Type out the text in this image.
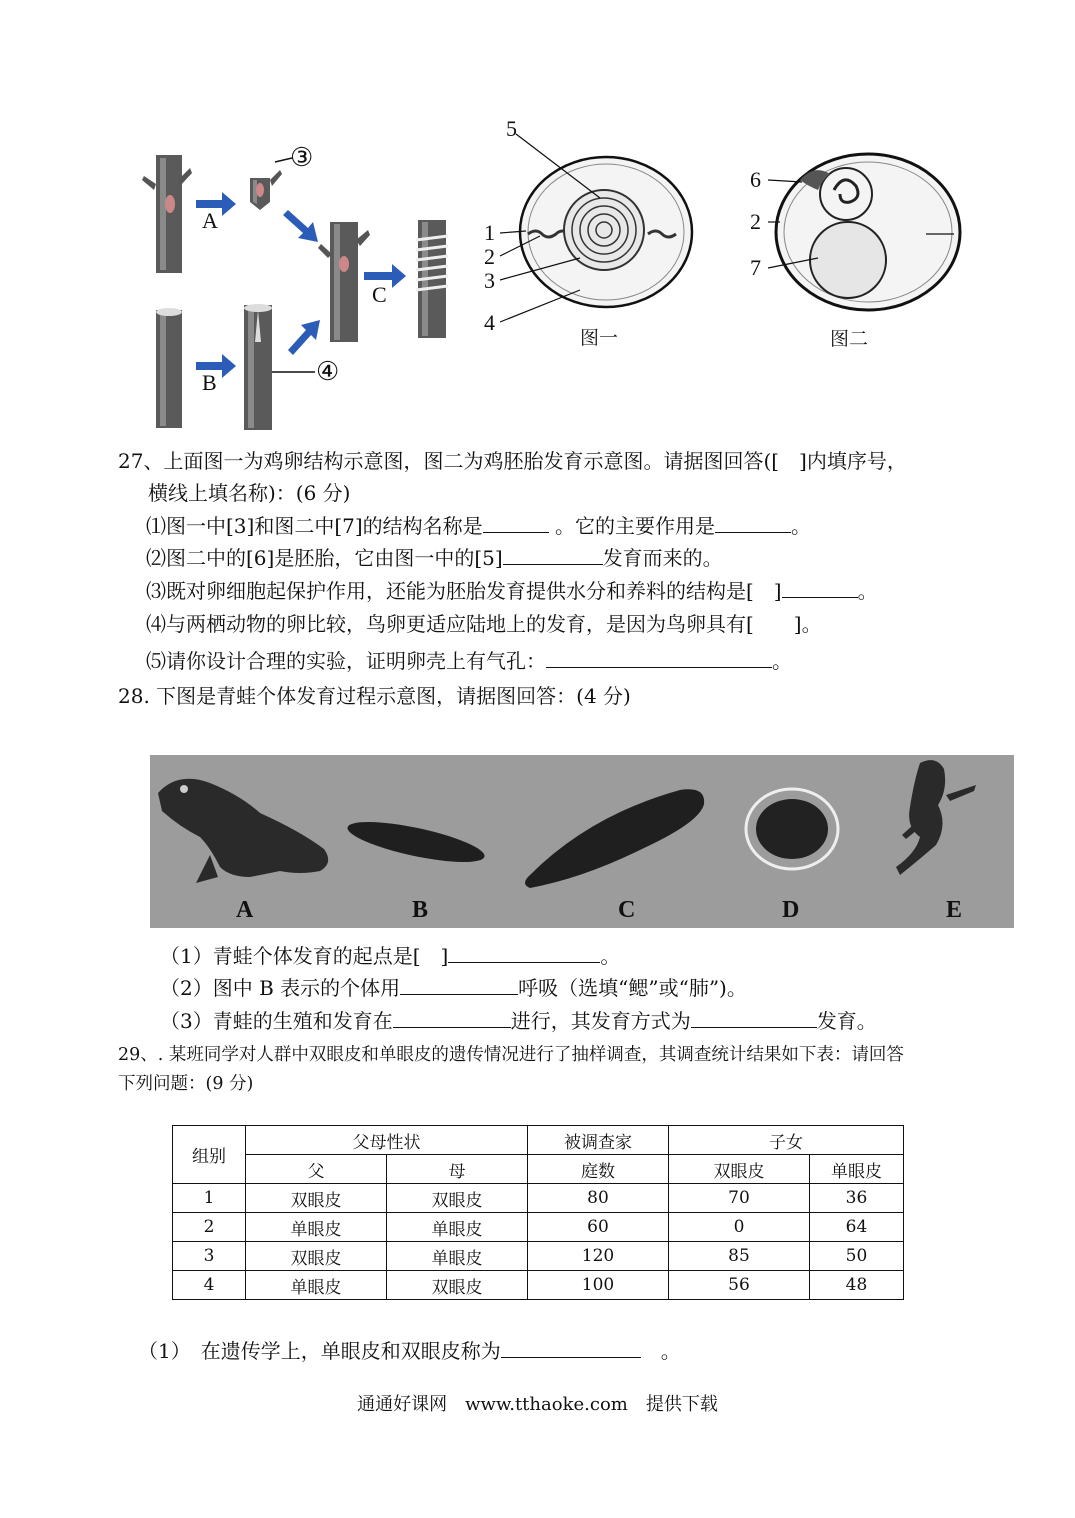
A
B
C
③
④
5
1
2
3
4
图一
6
2
7
图二
27、上面图一为鸡卵结构示意图，图二为鸡胚胎发育示意图。请据图回答([　]内填序号，
横线上填名称)：(6 分)
⑴图一中[3]和图二中[7]的结构名称是	。它的主要作用是	。
⑵图二中的[6]是胚胎，它由图一中的[5]	发育而来的。
⑶既对卵细胞起保护作用，还能为胚胎发育提供水分和养料的结构是[　]	。
⑷与两栖动物的卵比较，鸟卵更适应陆地上的发育，是因为鸟卵具有[　　]。
⑸请你设计合理的实验，证明卵壳上有气孔：	。
28. 下图是青蛙个体发育过程示意图，请据图回答：(4 分)
A	B	C	D	E
（1）青蛙个体发育的起点是[　]	。
（2）图中 B 表示的个体用	呼吸（选填“鳃”或“肺”)。
（3）青蛙的生殖和发育在	进行，其发育方式为	发育。
29、. 某班同学对人群中双眼皮和单眼皮的遗传情况进行了抽样调查，其调查统计结果如下表：请回答
下列问题：(9 分)
组别	父母性状		被调查家	子女	
	父	母	庭数	双眼皮	单眼皮
1	双眼皮	双眼皮	80	70	36
2	单眼皮	单眼皮	60	0	64
3	双眼皮	单眼皮	120	85	50
4	单眼皮	双眼皮	100	56	48
（1）　在遗传学上，单眼皮和双眼皮称为　	。
通通好课网　www.tthaoke.com　提供下载
